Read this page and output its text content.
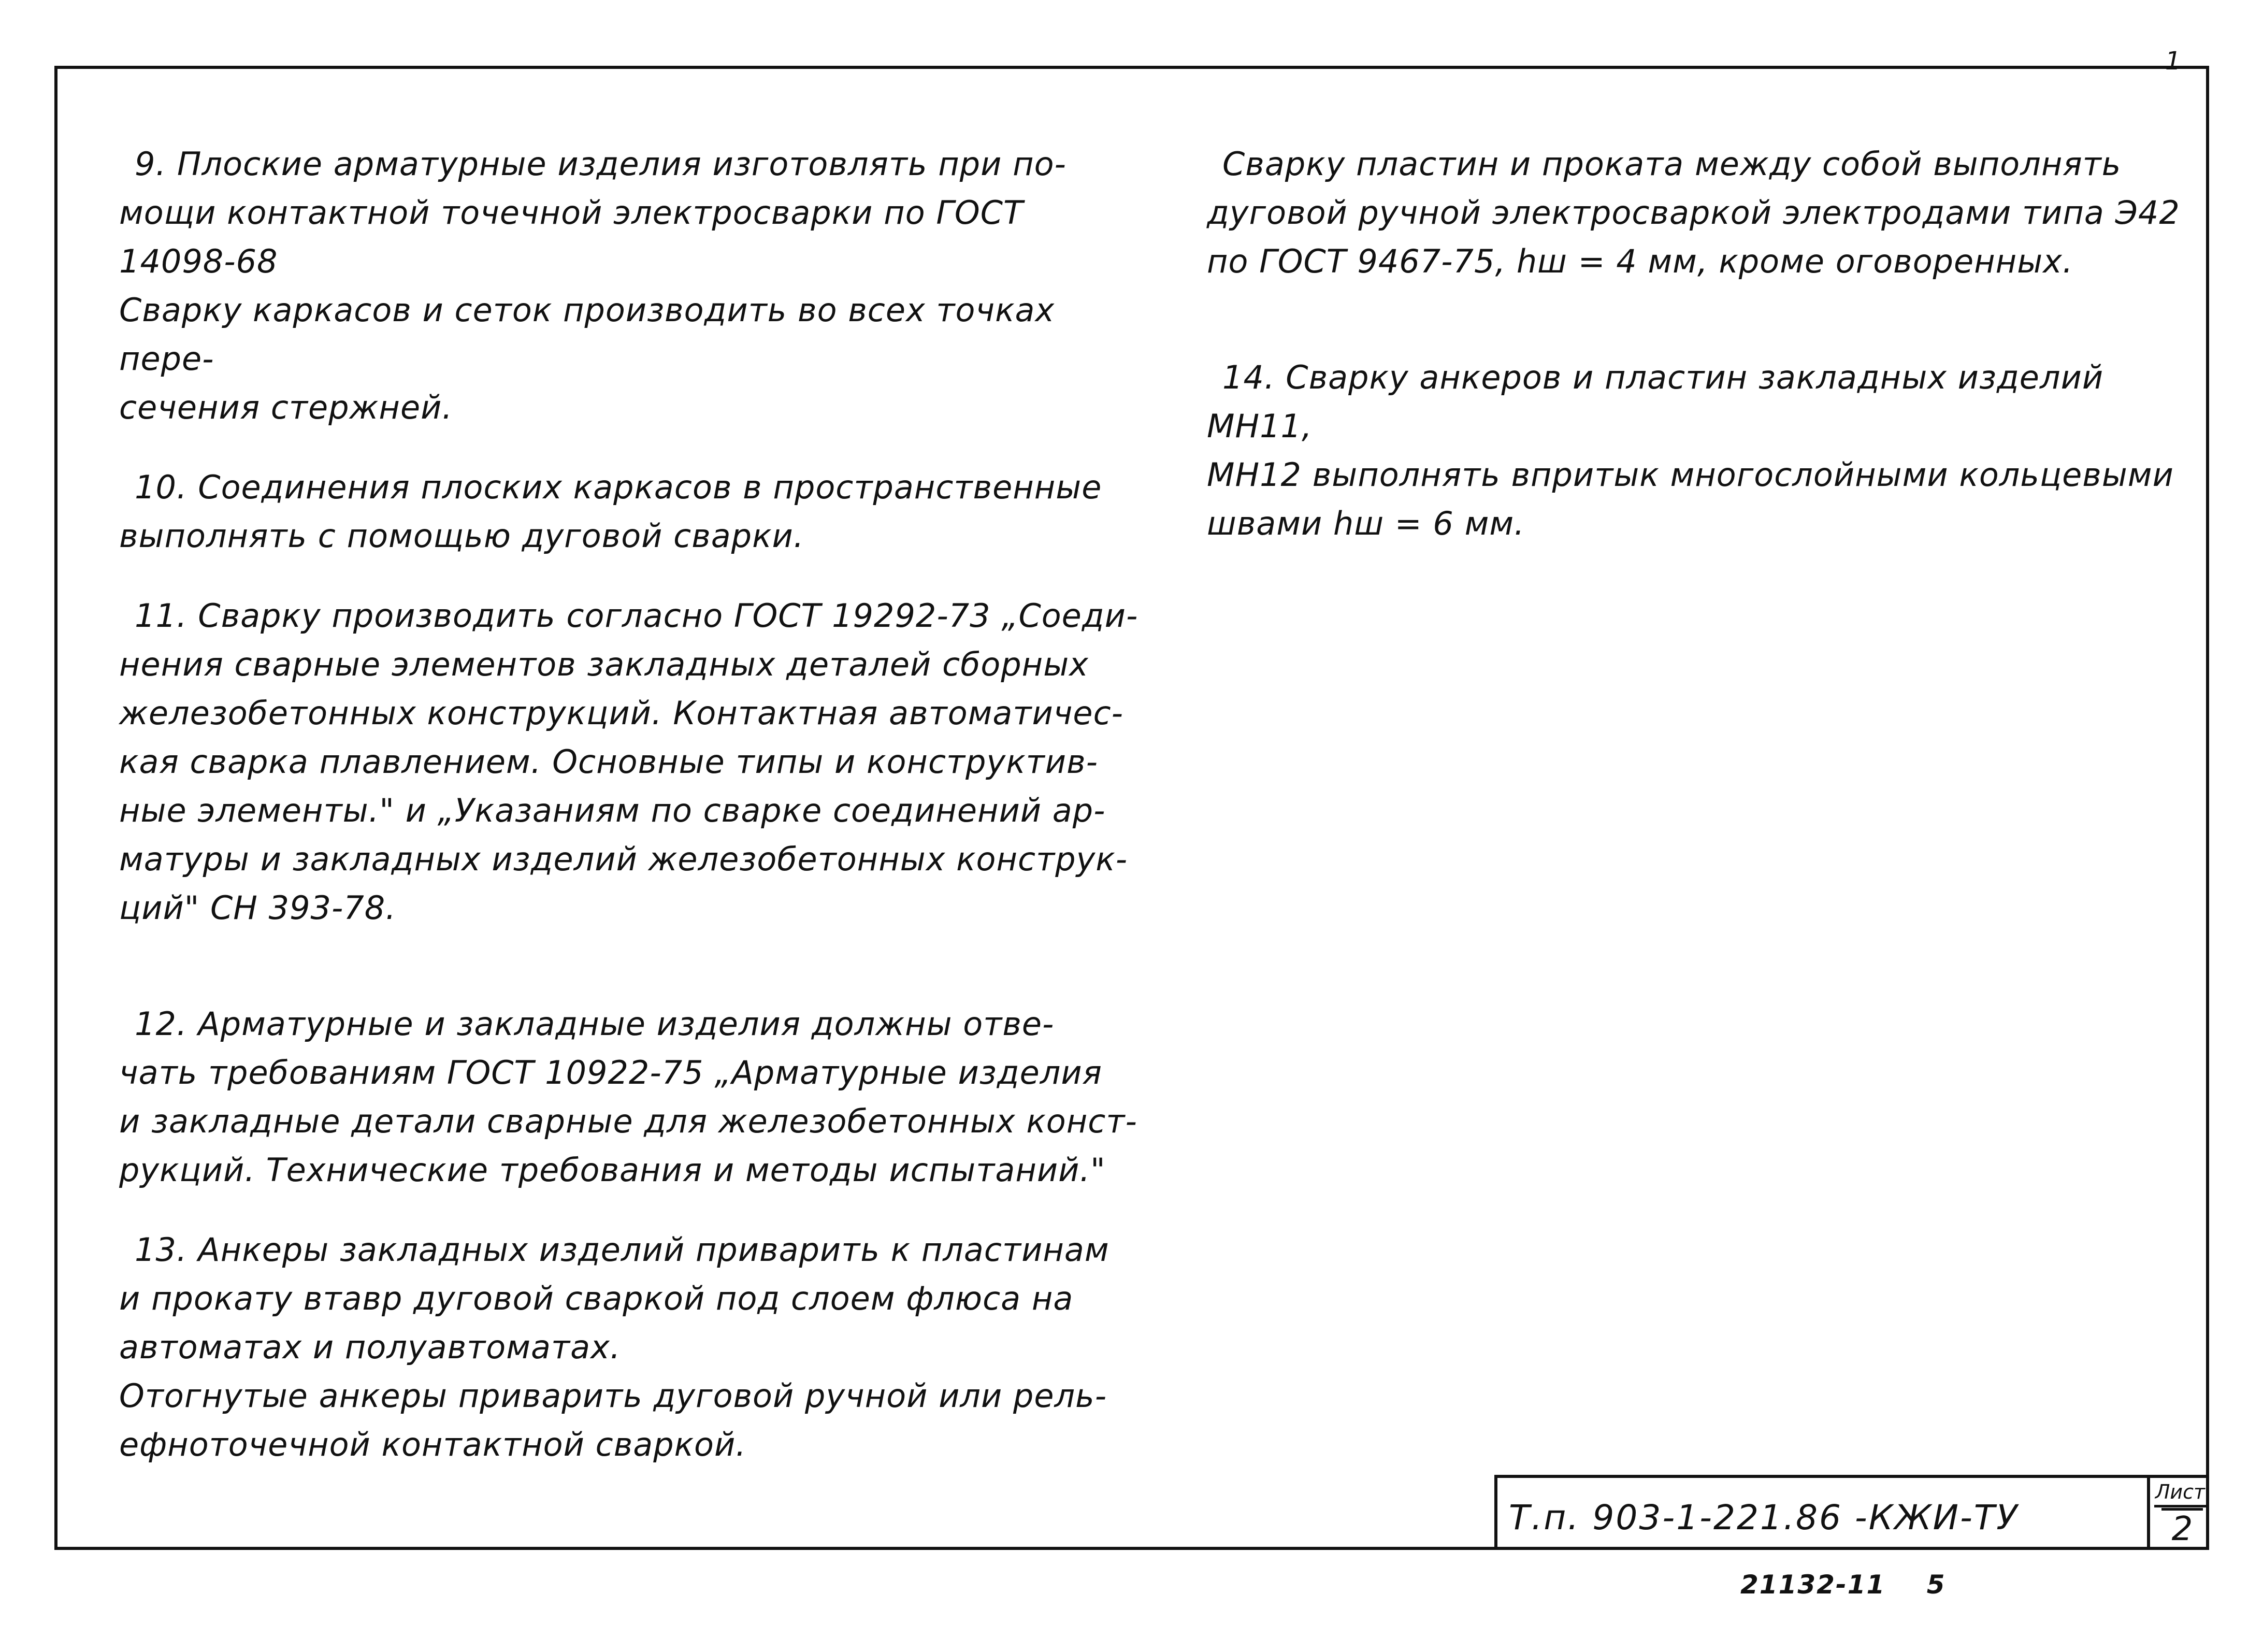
1

9. Плоские арматурные изделия изготовлять при по-
мощи контактной точечной электросварки по ГОСТ 14098-68
Сварку каркасов и сеток производить во всех точках пере-
сечения стержней.

10. Соединения плоских каркасов в пространственные
выполнять с помощью дуговой сварки.

11. Сварку производить согласно ГОСТ 19292-73 „Соеди-
нения сварные элементов закладных деталей сборных
железобетонных конструкций. Контактная автоматичес-
кая сварка плавлением. Основные типы и конструктив-
ные элементы." и „Указаниям по сварке соединений ар-
матуры и закладных изделий железобетонных конструк-
ций" СН 393-78.

12. Арматурные и закладные изделия должны отве-
чать требованиям ГОСТ 10922-75 „Арматурные изделия
и закладные детали сварные для железобетонных конст-
рукций. Технические требования и методы испытаний."

13. Анкеры закладных изделий приварить к пластинам
и прокату втавр дуговой сваркой под слоем флюса на
автоматах и полуавтоматах.

Отогнутые анкеры приварить дуговой ручной или рель-
ефноточечной контактной сваркой.

Сварку пластин и проката между собой выполнять
дуговой ручной электросваркой электродами типа Э42
по ГОСТ 9467-75, hш = 4 мм, кроме оговоренных.

14. Сварку анкеров и пластин закладных изделий МН11,
МН12 выполнять впритык многослойными кольцевыми
швами hш = 6 мм.

Т.п. 903-1-221.86 -КЖИ-ТУ
Лист
2
21132-11 5
